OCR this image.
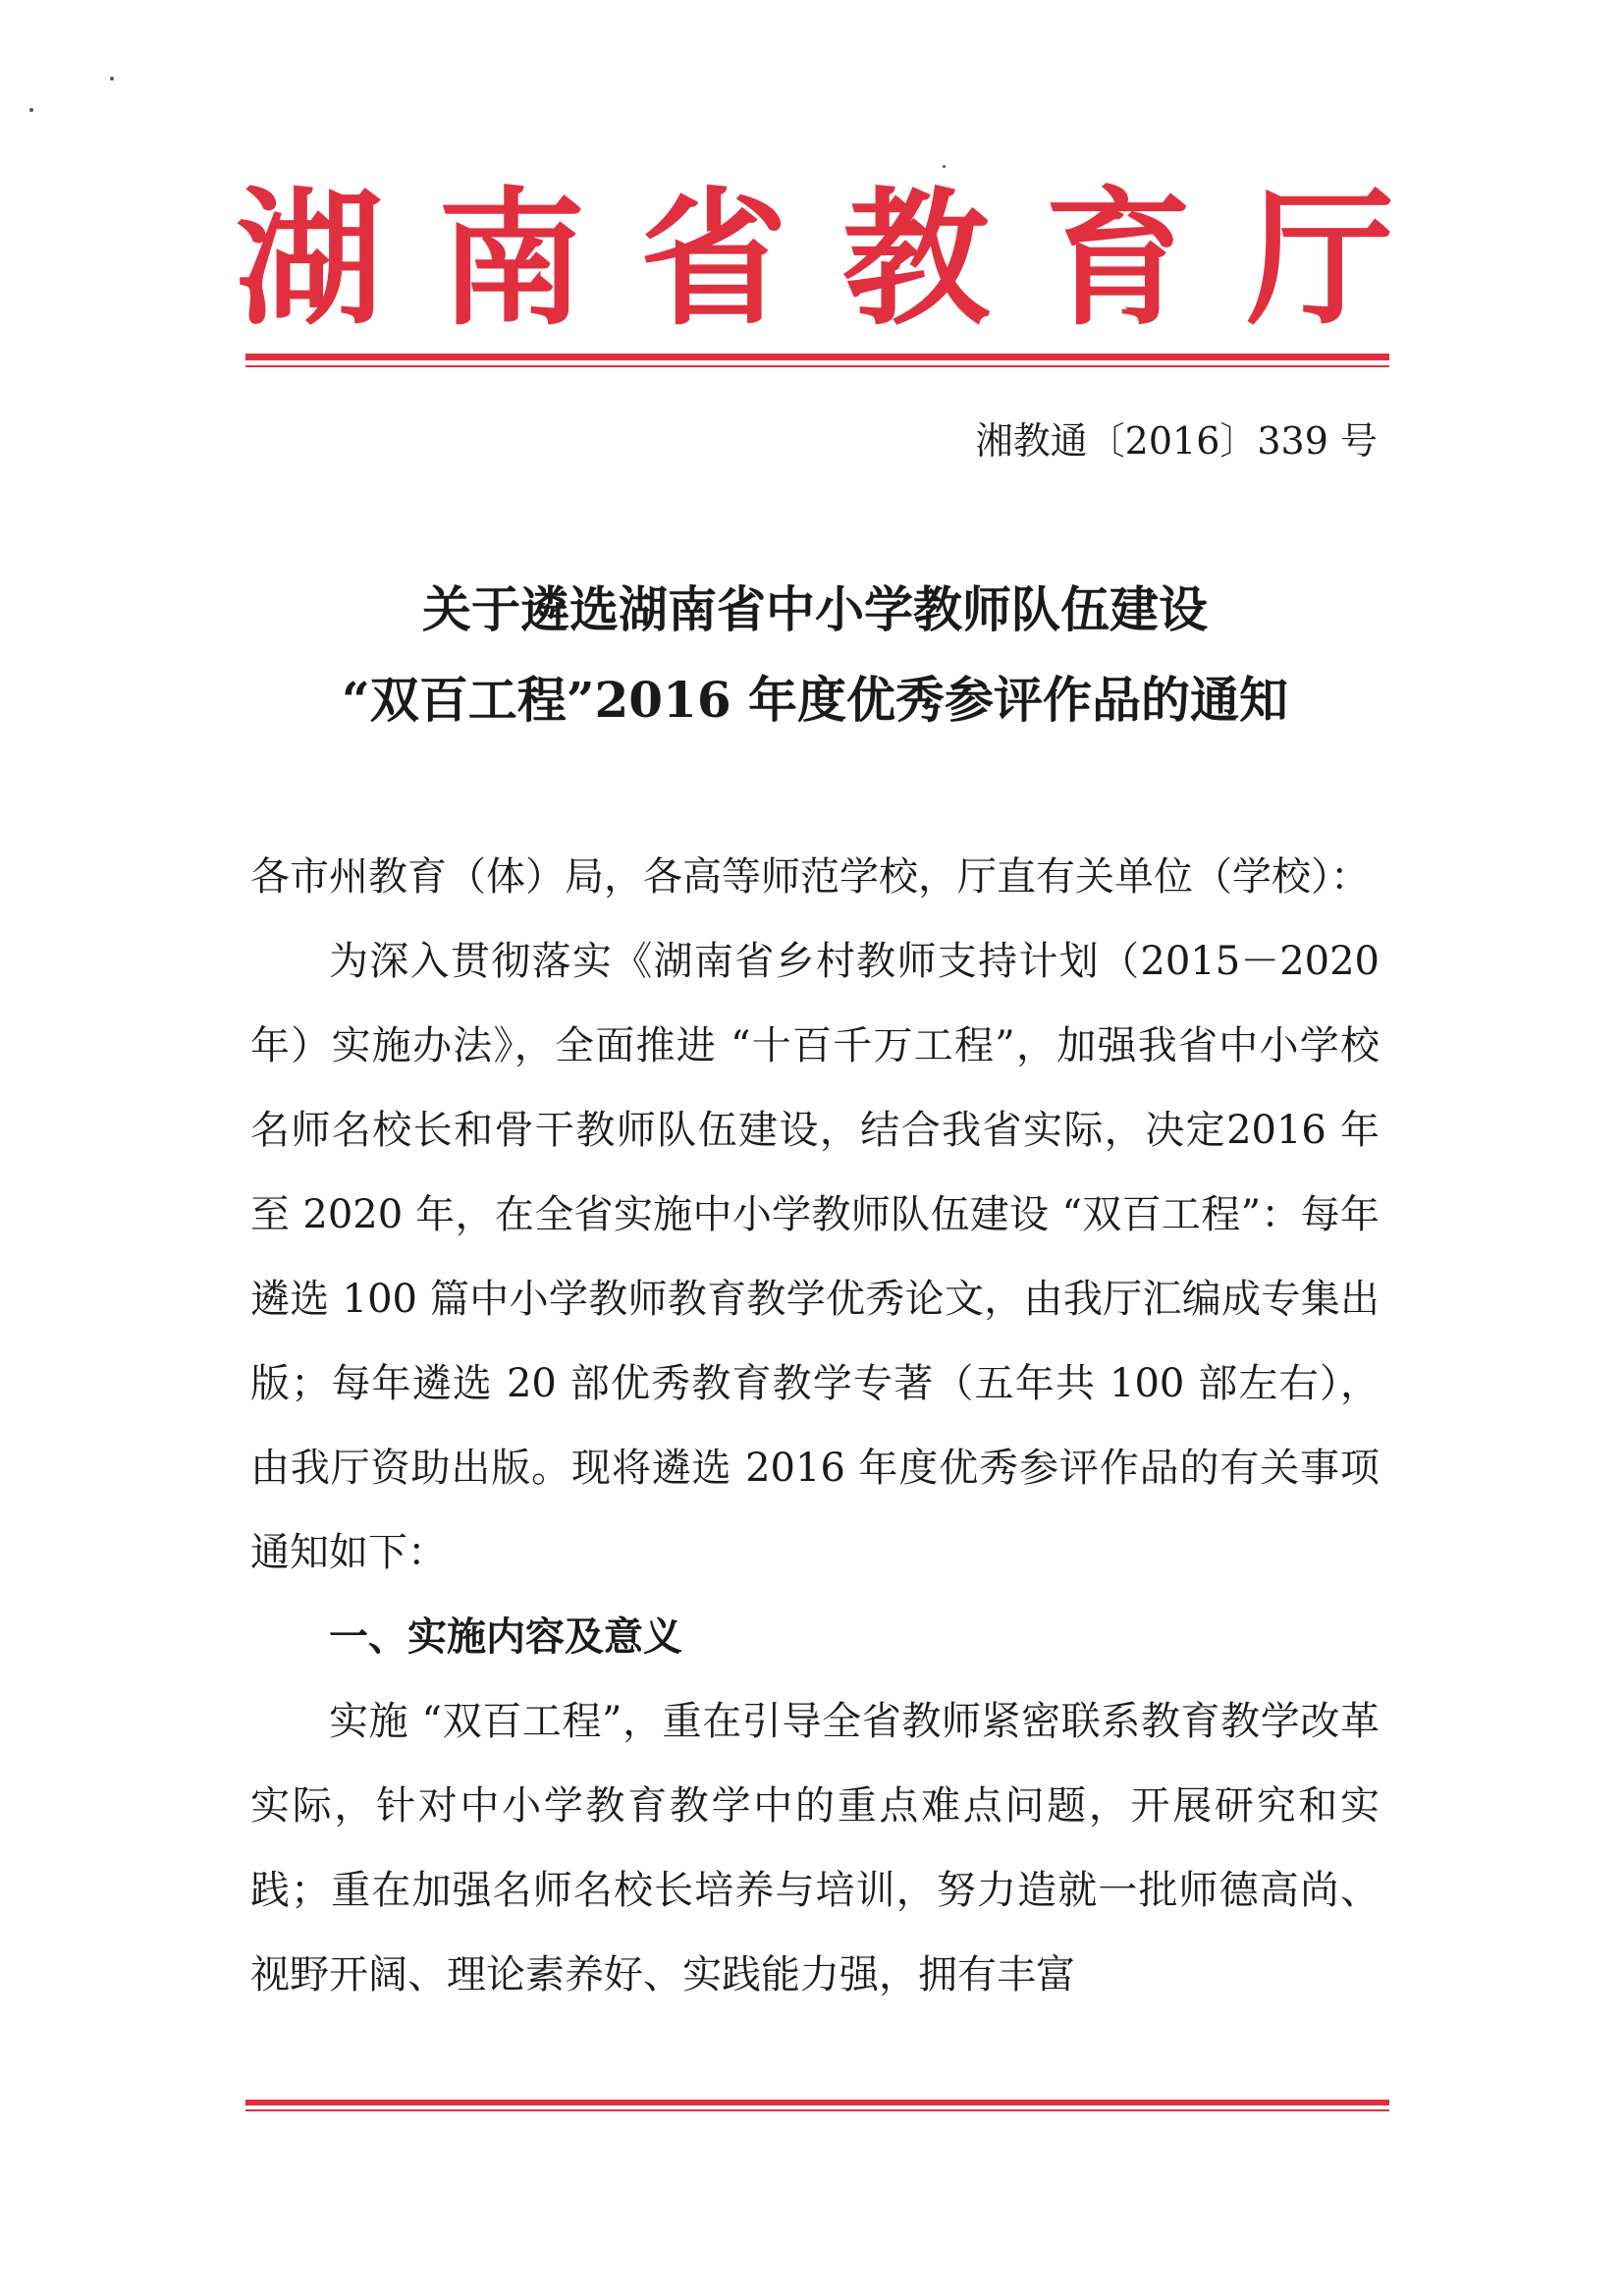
湖 南 省 教 育 厅
湘教通〔2016〕339 号
关于遴选湖南省中小学教师队伍建设
“双百工程”2016 年度优秀参评作品的通知

各市州教育（体）局，各高等师范学校，厅直有关单位（学校）：

为深入贯彻落实《湖南省乡村教师支持计划（2015－2020年）实施办法》，全面推进 “十百千万工程”，加强我省中小学校名师名校长和骨干教师队伍建设，结合我省实际，决定2016 年至 2020 年，在全省实施中小学教师队伍建设 “双百工程”：每年遴选 100 篇中小学教师教育教学优秀论文，由我厅汇编成专集出版；每年遴选 20 部优秀教育教学专著（五年共 100 部左右），由我厅资助出版。现将遴选 2016 年度优秀参评作品的有关事项通知如下：

一、实施内容及意义

实施 “双百工程”，重在引导全省教师紧密联系教育教学改革实际，针对中小学教育教学中的重点难点问题，开展研究和实践；重在加强名师名校长培养与培训，努力造就一批师德高尚、视野开阔、理论素养好、实践能力强，拥有丰富
